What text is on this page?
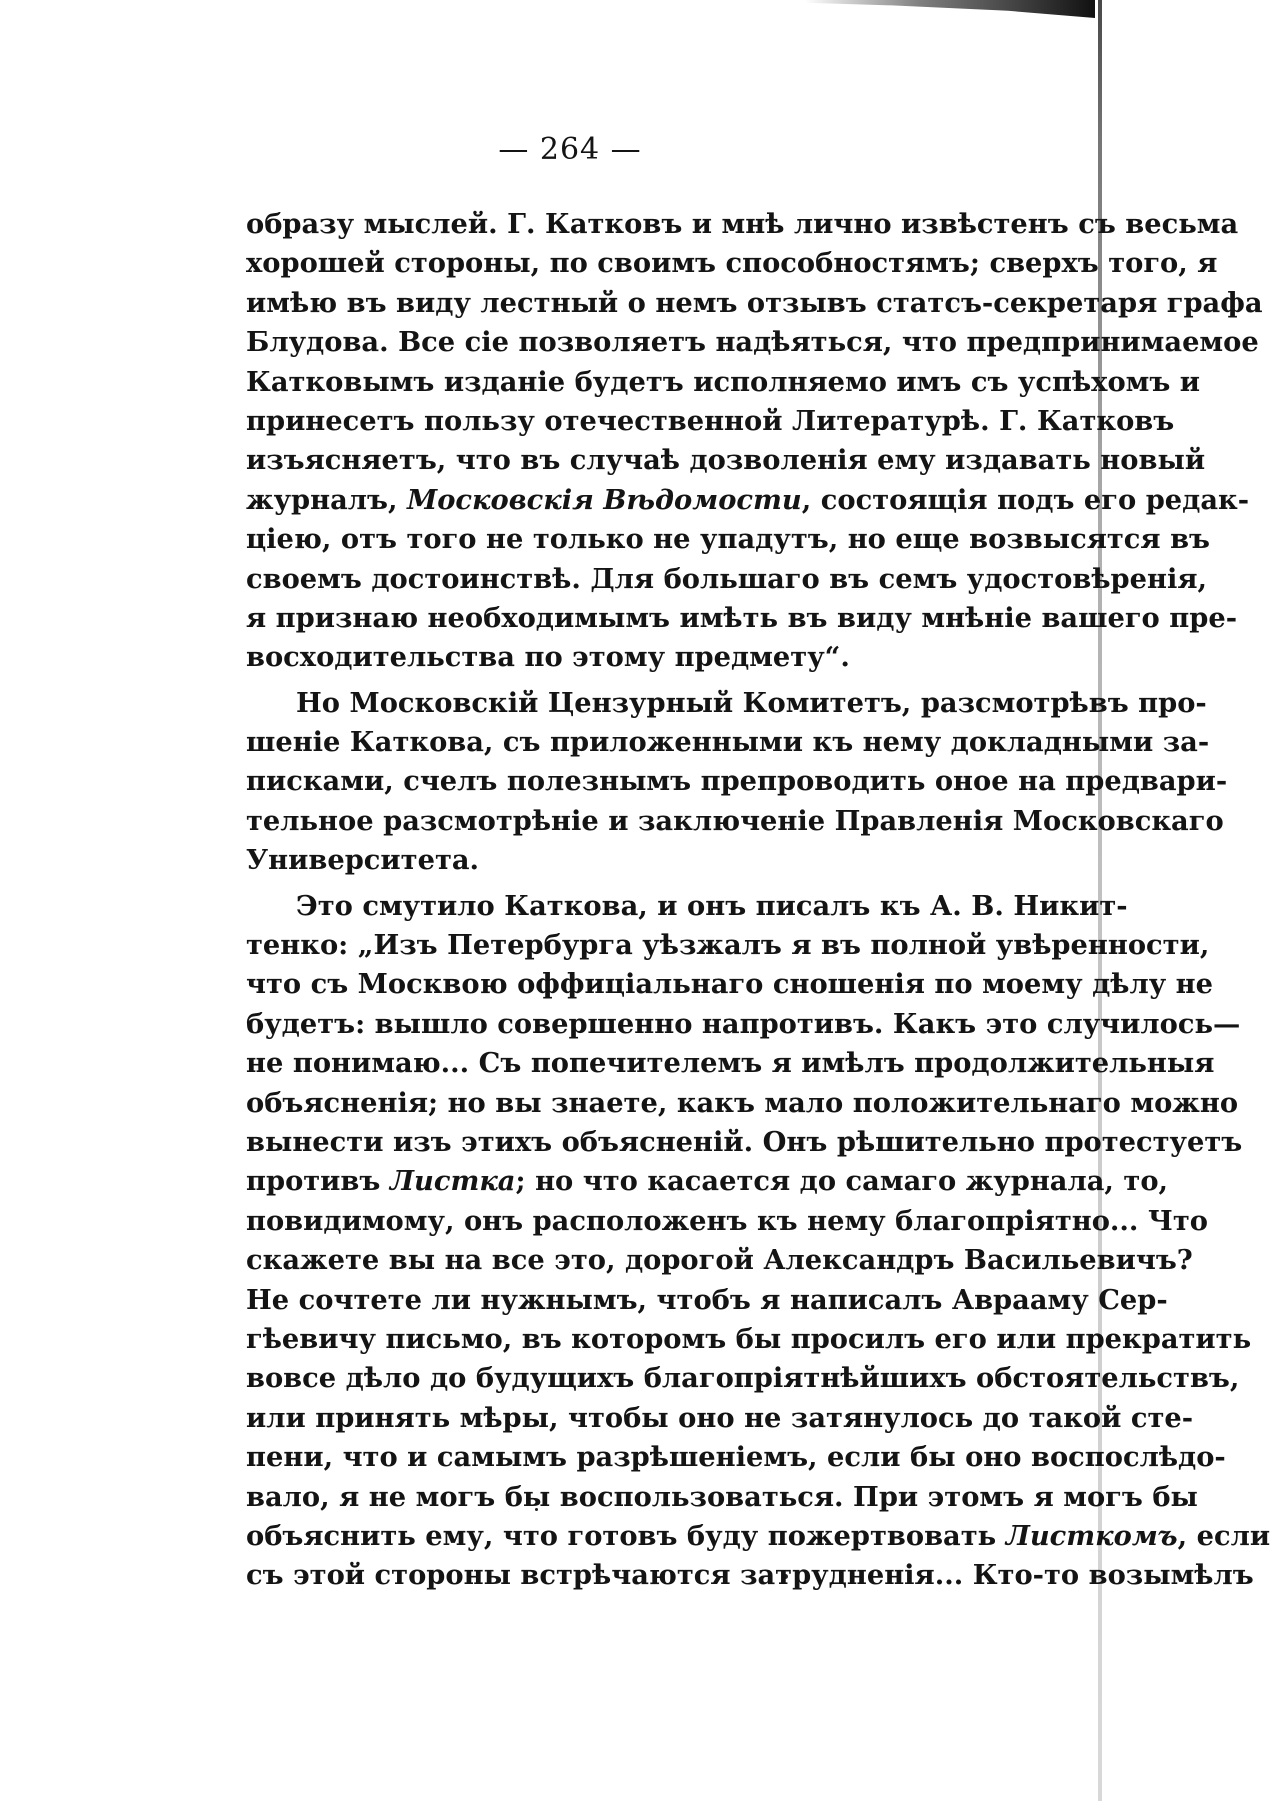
— 264 —
образу мыслей. Г. Катковъ и мнѣ лично извѣстенъ съ весьма
хорошей стороны, по своимъ способностямъ; сверхъ того, я
имѣю въ виду лестный о немъ отзывъ статсъ-секретаря графа
Блудова. Все сіе позволяетъ надѣяться, что предпринимаемое
Катковымъ изданіе будетъ исполняемо имъ съ успѣхомъ и
принесетъ пользу отечественной Литературѣ. Г. Катковъ
изъясняетъ, что въ случаѣ дозволенія ему издавать новый
журналъ, Московскія Вѣдомости, состоящія подъ его редак-
ціею, отъ того не только не упадутъ, но еще возвысятся въ
своемъ достоинствѣ. Для большаго въ семъ удостовѣренія,
я признаю необходимымъ имѣть въ виду мнѣніе вашего пре-
восходительства по этому предмету“.
Но Московскій Цензурный Комитетъ, разсмотрѣвъ про-
шеніе Каткова, съ приложенными къ нему докладными за-
писками, счелъ полезнымъ препроводить оное на предвари-
тельное разсмотрѣніе и заключеніе Правленія Московскаго
Университета.
Это смутило Каткова, и онъ писалъ къ А. В. Никит-
тенко: „Изъ Петербурга уѣзжалъ я въ полной увѣренности,
что съ Москвою оффиціальнаго сношенія по моему дѣлу не
будетъ: вышло совершенно напротивъ. Какъ это случилось—
не понимаю... Съ попечителемъ я имѣлъ продолжительныя
объясненія; но вы знаете, какъ мало положительнаго можно
вынести изъ этихъ объясненій. Онъ рѣшительно протестуетъ
противъ Листка; но что касается до самаго журнала, то,
повидимому, онъ расположенъ къ нему благопріятно... Что
скажете вы на все это, дорогой Александръ Васильевичъ?
Не сочтете ли нужнымъ, чтобъ я написалъ Аврааму Сер-
гѣевичу письмо, въ которомъ бы просилъ его или прекратить
вовсе дѣло до будущихъ благопріятнѣйшихъ обстоятельствъ,
или принять мѣры, чтобы оно не затянулось до такой сте-
пени, что и самымъ разрѣшеніемъ, если бы оно воспослѣдо-
вало, я не могъ бы воспользоваться. При этомъ я могъ бы
объяснить ему, что готовъ буду пожертвовать Листкомъ, если
съ этой стороны встрѣчаются затрудненія... Кто-то возымѣлъ
